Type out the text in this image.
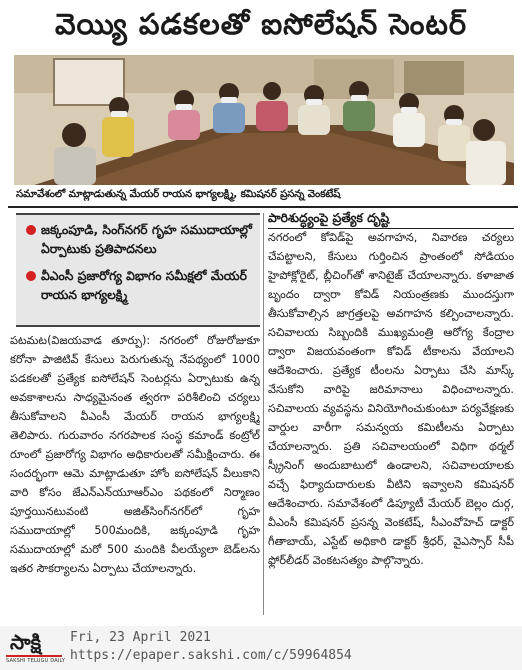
వెయ్యి పడకలతో ఐసోలేషన్ సెంటర్
సమావేశంలో మాట్లాడుతున్న మేయర్ రాయన భాగ్యలక్ష్మి, కమిషనర్ ప్రసన్న వెంకటేష్
జక్కంపూడి, సింగ్‌నగర్ గృహ సముదాయాల్లో ఏర్పాటుకు ప్రతిపాదనలు
వీఎంసీ ప్రజారోగ్య విభాగం సమీక్షలో మేయర్ రాయన భాగ్యలక్ష్మి
పటమట(విజయవాడ తూర్పు): నగరంలో రోజురోజుకూ కరోనా పాజిటివ్ కేసులు పెరుగుతున్న నేపథ్యంలో 1000 పడకలతో ప్రత్యేక ఐసోలేషన్ సెంటర్లను ఏర్పాటుకు ఉన్న అవకాశాలను సాధ్యమైనంత త్వరగా పరిశీలించి చర్యలు తీసుకోవాలని వీఎంసీ మేయర్ రాయన భాగ్యలక్ష్మి తెలిపారు. గురువారం నగరపాలక సంస్థ కమాండ్ కంట్రోల్ రూంలో ప్రజారోగ్య విభాగం అధికారులతో సమీక్షించారు. ఈ సందర్భంగా ఆమె మాట్లాడుతూ హోం ఐసోలేషన్ వీలుకాని వారి కోసం జేఎన్‌ఎన్‌యూఆర్ఎం పథకంలో నిర్మాణం పూర్తయినటువంటి అజిత్‌సింగ్‌నగర్‌లో గృహ సముదాయాల్లో 500మందికి, జక్కంపూడి గృహ సముదాయాల్లో మరో 500 మందికి వీలయ్యేలా బెడ్‌లను ఇతర సౌకర్యాలను ఏర్పాటు చేయాలన్నారు.
పారిశుద్ధ్యంపై ప్రత్యేక దృష్టి
నగరంలో కోవిడ్‌పై అవగాహన, నివారణ చర్యలు చేపట్టాలని, కేసులు గుర్తించిన ప్రాంతంలో సోడియం హైపోక్లోరైట్, బ్లీచింగ్‌తో శానిటైజ్ చేయాలన్నారు. కళాజాత బృందం ద్వారా కోవిడ్ నియంత్రణకు ముందస్తుగా తీసుకోవాల్సిన జాగ్రత్తలపై అవగాహన కల్పించాలన్నారు. సచివాలయ సిబ్బందికి ముఖ్యమంత్రి ఆరోగ్య కేంద్రాల ద్వారా విజయవంతంగా కోవిడ్ టీకాలను వేయాలని ఆదేశించారు. ప్రత్యేక టీంలను ఏర్పాటు చేసి మాస్క్ వేసుకోని వారిపై జరిమానాలు విధించాలన్నారు. సచివాలయ వ్యవస్థను వినియోగించుకుంటూ పర్యవేక్షణకు వార్డుల వారీగా సమన్వయ కమిటీలను ఏర్పాటు చేయాలన్నారు. ప్రతి సచివాలయంలో విధిగా థర్మల్ స్క్రీనింగ్ అందుబాటులో ఉండాలని, సచివాలయాలకు వచ్చే ఫిర్యాదుదారులకు వీటిని ఇవ్వాలని కమిషనర్ ఆదేశించారు. సమావేశంలో డిప్యూటీ మేయర్ బెల్లం దుర్గ, వీఎంసీ కమిషనర్ ప్రసన్న వెంకటేష్, సీఎంవోహెచ్ డాక్టర్ గీతాబాయ్, ఎస్టేట్ అధికారి డాక్టర్ శ్రీధర్, వైఎస్సార్ సీపీ ఫ్లోర్‌లీడర్ వెంకటసత్యం పాల్గొన్నారు.
సాక్షి
SAKSHI TELUGU DAILY
Fri, 23 April 2021
https://epaper.sakshi.com/c/59964854
